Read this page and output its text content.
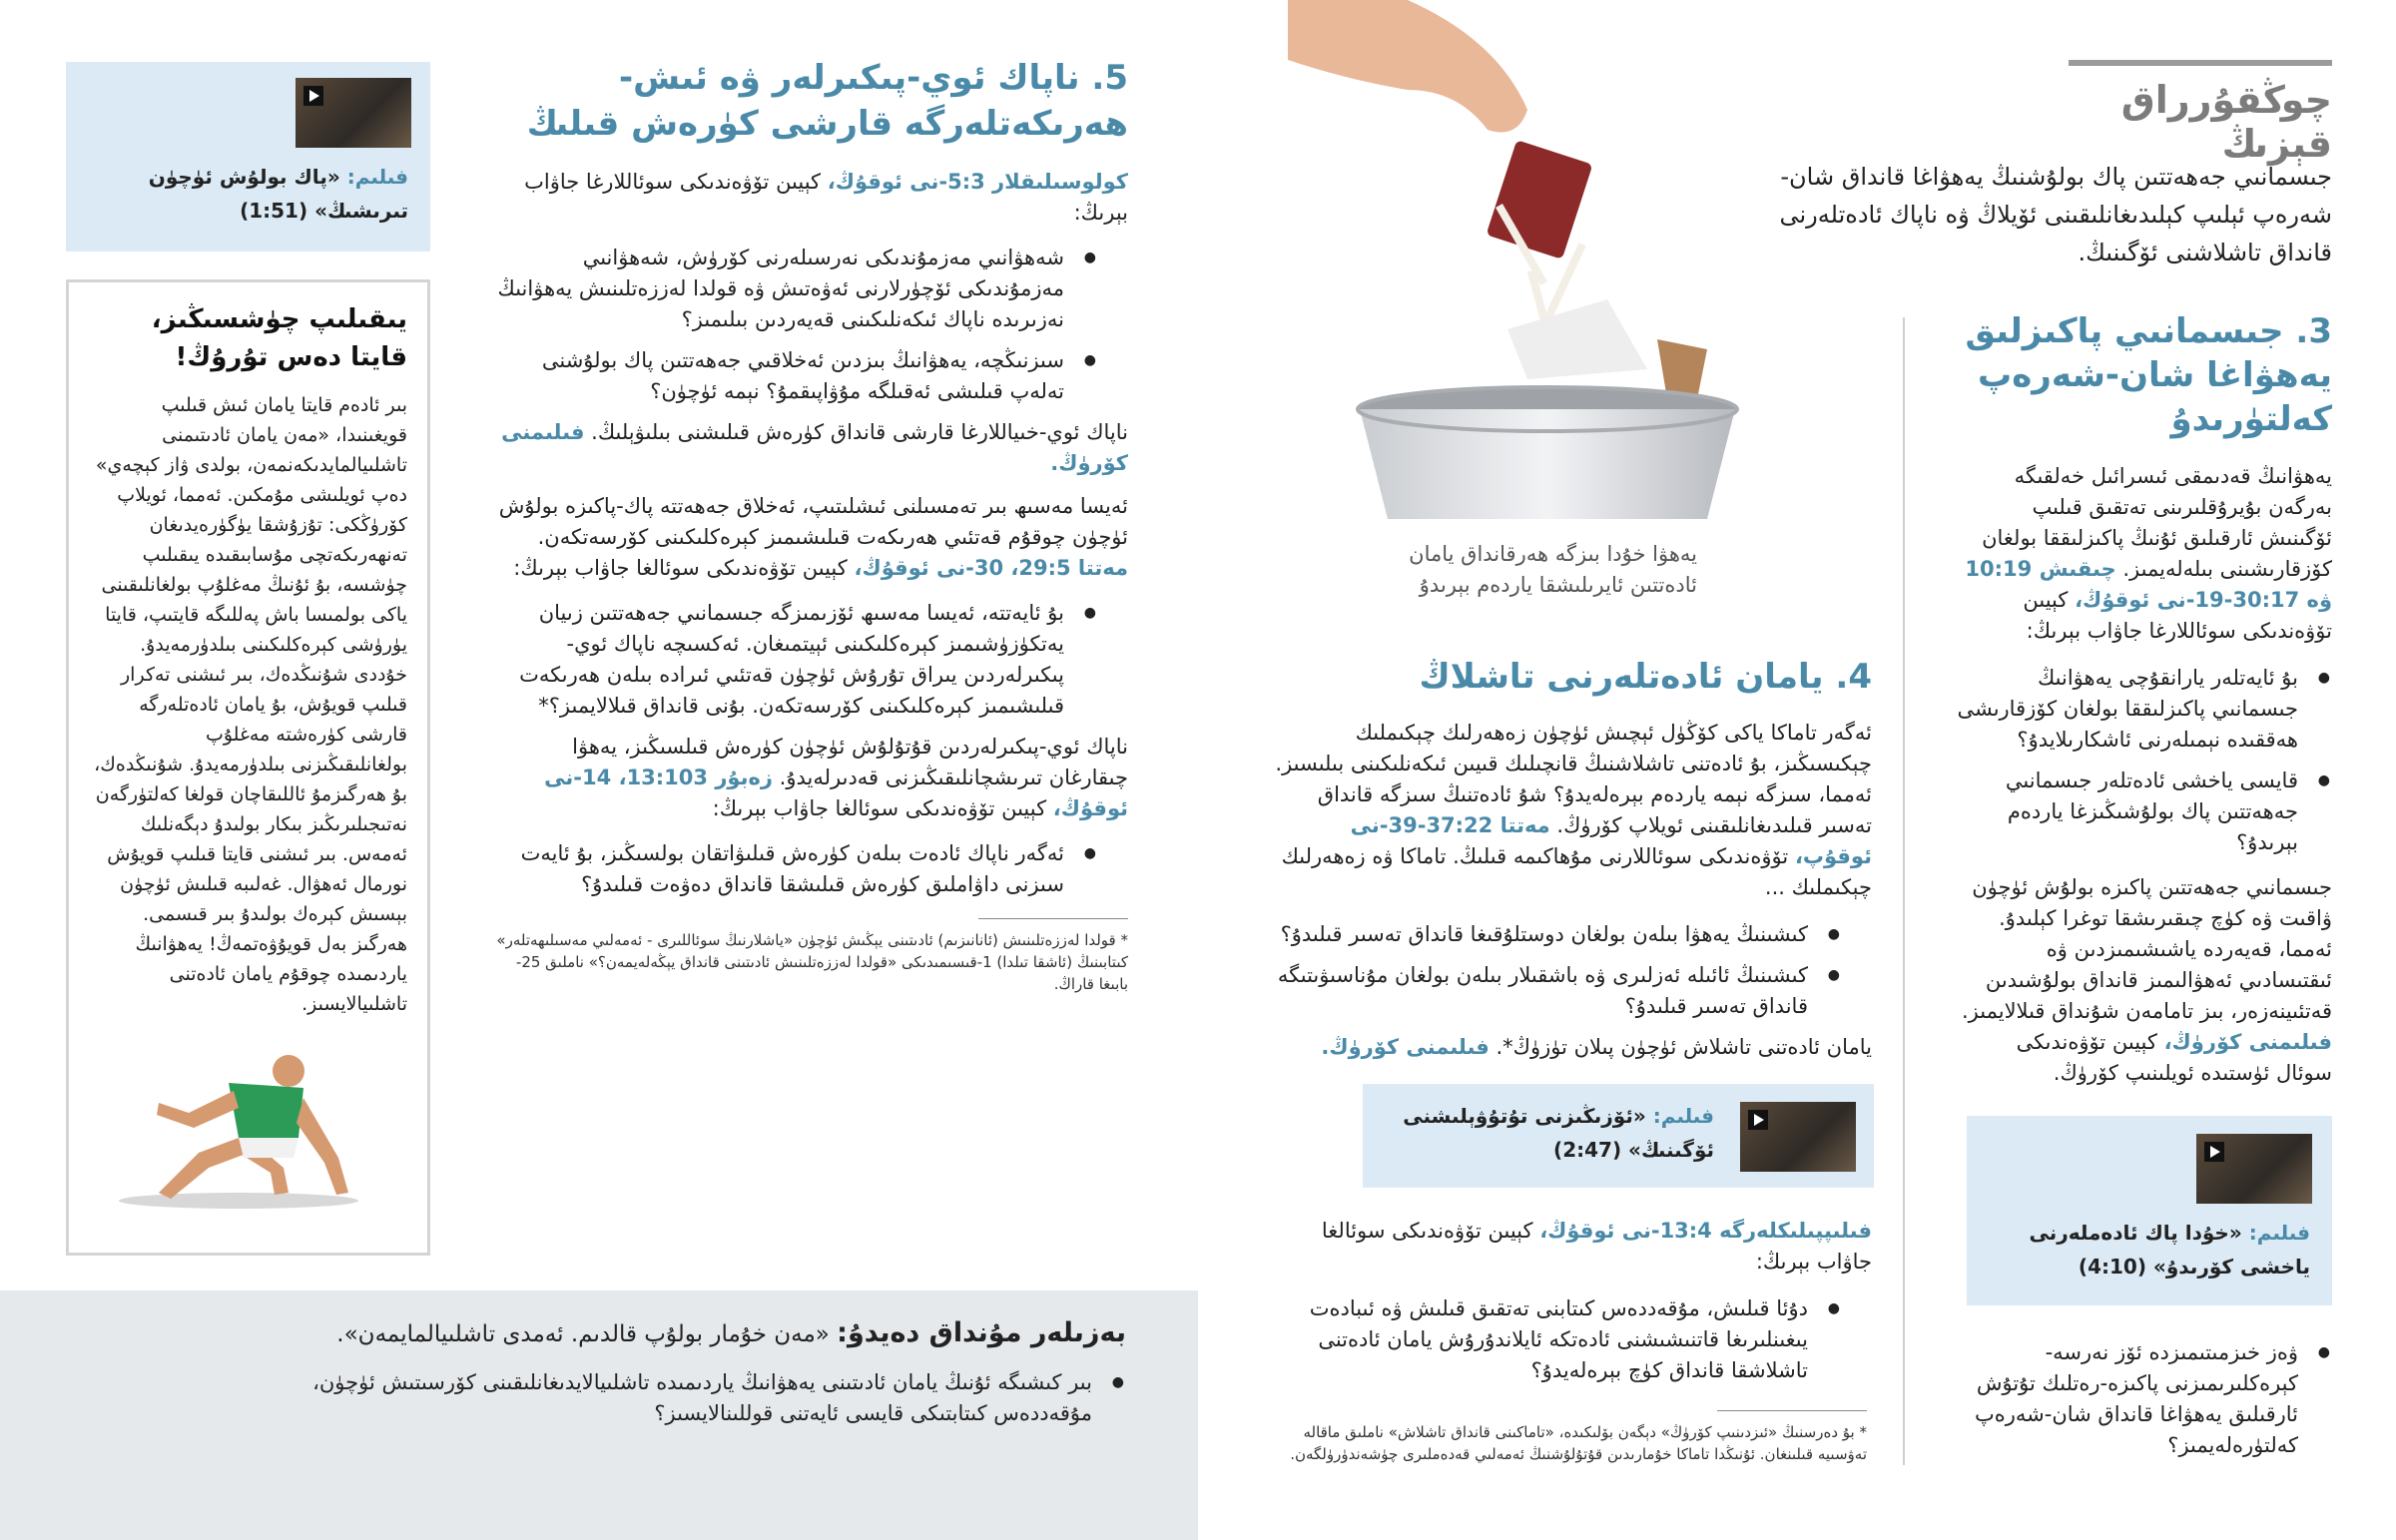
چوڭقۇرراق قېزىڭ

جىسمانىي جەھەتتىن پاك بولۇشنىڭ يەھۋاغا قانداق شان-شەرەپ ئېلىپ كېلىدىغانلىقىنى ئۆيلاڭ ۋە ناپاك ئادەتلەرنى قانداق تاشلاشنى ئۆگىنىڭ.

3. جىسمانىي پاكىزلىق يەھۋاغا شان-شەرەپ كەلتۈرىدۇ

يەھۋانىڭ قەدىمقى ئىسرائىل خەلقىگە بەرگەن بۇيرۇقلىرىنى تەتقىق قىلىپ ئۆگىنىش ئارقىلىق ئۇنىڭ پاكىزلىققا بولغان كۆزقارىشىنى بىلەلەيمىز. چىقىش 10:19 ۋە 30:17-19-نى ئوقۇڭ، كېيىن تۆۋەندىكى سوئاللارغا جاۋاب بېرىڭ:

● بۇ ئايەتلەر يارانقۇچى يەھۋانىڭ جىسمانىي پاكىزلىققا بولغان كۆزقارىشى ھەققىدە نېمىلەرنى ئاشكارىلايدۇ؟
● قايسى ياخشى ئادەتلەر جىسمانىي جەھەتتىن پاك بولۇشىڭىزغا ياردەم بېرىدۇ؟

جىسمانىي جەھەتتىن پاكىزە بولۇش ئۈچۈن ۋاقىت ۋە كۈچ چىقىرىشقا توغرا كېلىدۇ. ئەمما، قەيەردە ياشىشىمىزدىن ۋە ئىقتىسادىي ئەھۋالىمىز قانداق بولۇشىدىن قەتئىينەزەر، بىز تامامەن شۇنداق قىلالايمىز. فىلىمنى كۆرۈڭ، كېيىن تۆۋەندىكى سوئال ئۈستىدە ئويلىنىپ كۆرۈڭ.

فىلىم: «خۇدا پاك ئادەملەرنى ياخشى كۆرىدۇ» (4:10)
● ۋەز خىزمىتىمىزدە ئۆز نەرسە-كېرەكلىرىمىزنى پاكىزە-رەتلىك تۇتۇش ئارقىلىق يەھۋاغا قانداق شان-شەرەپ كەلتۈرەلەيمىز؟

يەھۋا خۇدا بىزگە ھەرقانداق يامان ئادەتتىن ئايرىلىشقا ياردەم بېرىدۇ

4. يامان ئادەتلەرنى تاشلاڭ

ئەگەر تاماكا ياكى كۆڭۈل ئېچىش ئۈچۈن زەھەرلىك چېكىملىك چېكىسىڭىز، بۇ ئادەتنى تاشلاشنىڭ قانچىلىك قىيىن ئىكەنلىكىنى بىلىسىز. ئەمما، سىزگە نېمە ياردەم بېرەلەيدۇ؟ شۇ ئادەتنىڭ سىزگە قانداق تەسىر قىلىدىغانلىقىنى ئويلاپ كۆرۈڭ. مەتتا 37:22-39-نى ئوقۇپ، تۆۋەندىكى سوئاللارنى مۇھاكىمە قىلىڭ. تاماكا ۋە زەھەرلىك چېكىملىك ...

● كىشىنىڭ يەھۋا بىلەن بولغان دوستلۇقىغا قانداق تەسىر قىلىدۇ؟
● كىشىنىڭ ئائىلە ئەزلىرى ۋە باشقىلار بىلەن بولغان مۇناسىۋىتىگە قانداق تەسىر قىلىدۇ؟

يامان ئادەتنى تاشلاش ئۈچۈن پىلان تۈزۈڭ*. فىلىمنى كۆرۈڭ.

فىلىم: «ئۆزىڭىزنى تۇتۇۋېلىشنى ئۆگىنىڭ» (2:47)

فىلىپپىلىكلەرگە 13:4-نى ئوقۇڭ، كېيىن تۆۋەندىكى سوئالغا جاۋاب بېرىڭ:

● دۇئا قىلىش، مۇقەددەس كىتابنى تەتقىق قىلىش ۋە ئىبادەت يىغىنلىرىغا قاتنىشىشنى ئادەتكە ئايلاندۇرۇش يامان ئادەتنى تاشلاشقا قانداق كۈچ بېرەلەيدۇ؟

* بۇ دەرسنىڭ «ئىزدىنىپ كۆرۈڭ» دېگەن بۆلىكىدە، «تاماكىنى قانداق تاشلاش» ناملىق ماقالە تەۋسىيە قىلىنغان. ئۇنىڭدا تاماكا خۇمارىدىن قۇتۇلۇشنىڭ ئەمەلىي قەدەملىرى چۈشەندۈرۈلگەن.

5. ناپاك ئوي-پىكىرلەر ۋە ئىش-ھەرىكەتلەرگە قارشى كۈرەش قىلىڭ

كولوسىلىقلار 5:3-نى ئوقۇڭ، كېيىن تۆۋەندىكى سوئاللارغا جاۋاب بېرىڭ:

● شەھۋانىي مەزمۇندىكى نەرسىلەرنى كۆرۈش، شەھۋانىي مەزمۇندىكى ئۆچۈرلارنى ئەۋەتىش ۋە قولدا لەززەتلىنىش يەھۋانىڭ نەزىرىدە ناپاك ئىكەنلىكىنى قەيەردىن بىلىمىز؟
● سىزنىڭچە، يەھۋانىڭ بىزدىن ئەخلاقىي جەھەتتىن پاك بولۇشنى تەلەپ قىلىشى ئەقىلگە مۇۋاپىقمۇ؟ نېمە ئۈچۈن؟

ناپاك ئوي-خىياللارغا قارشى قانداق كۈرەش قىلىشنى بىلىۋېلىڭ. فىلىمنى كۆرۈڭ.

ئەيسا مەسىھ بىر تەمسىلنى ئىشلىتىپ، ئەخلاق جەھەتتە پاك-پاكىزە بولۇش ئۈچۈن چوقۇم قەتئىي ھەرىكەت قىلىشىمىز كېرەكلىكىنى كۆرسەتكەن. مەتتا 29:5، 30-نى ئوقۇڭ، كېيىن تۆۋەندىكى سوئالغا جاۋاب بېرىڭ:

● بۇ ئايەتتە، ئەيسا مەسىھ ئۆزىمىزگە جىسمانىي جەھەتتىن زىيان يەتكۈزۈشىمىز كېرەكلىكىنى ئېيتمىغان. ئەكسىچە ناپاك ئوي-پىكىرلەردىن يىراق تۇرۇش ئۈچۈن قەتئىي ئىرادە بىلەن ھەرىكەت قىلىشىمىز كېرەكلىكىنى كۆرسەتكەن. بۇنى قانداق قىلالايمىز؟*

ناپاك ئوي-پىكىرلەردىن قۇتۇلۇش ئۈچۈن كۈرەش قىلسىڭىز، يەھۋا چىقارغان تىرىشچانلىقىڭىزنى قەدىرلەيدۇ. زەبۇر 13:103، 14-نى ئوقۇڭ، كېيىن تۆۋەندىكى سوئالغا جاۋاب بېرىڭ:

● ئەگەر ناپاك ئادەت بىلەن كۈرەش قىلىۋاتقان بولسىڭىز، بۇ ئايەت سىزنى داۋاملىق كۈرەش قىلىشقا قانداق دەۋەت قىلىدۇ؟

* قولدا لەززەتلىنىش (ئانانىزىم) ئادىتىنى يېڭىش ئۈچۈن «ياشلارنىڭ سوئاللىرى - ئەمەلىي مەسىلىھەتلەر» كىتابىنىڭ (ئاشقا تىلدا) 1-قىسىمىدىكى «قولدا لەززەتلىنىش ئادىتىنى قانداق يېڭەلەيمەن؟» ناملىق 25-بابىغا قاراڭ.

فىلىم: «پاك بولۇش ئۈچۈن تىرىشىڭ» (1:51)
يىقىلىپ چۈشسىڭىز، قايتا دەس تۇرۇڭ!

بىر ئادەم قايتا يامان ئىش قىلىپ قويغىنىدا، «مەن يامان ئادىتىمنى تاشلىيالمايدىكەنمەن، بولدى ۋاز كېچەي» دەپ ئويلىشى مۇمكىن. ئەمما، ئويلاپ كۆرۈڭكى: تۇزۇشقا يۈگۈرەيدىغان تەنھەرىكەتچى مۇسابىقىدە يىقىلىپ چۈشسە، بۇ ئۇنىڭ مەغلۇپ بولغانلىقىنى ياكى بولمىسا باش پەللىگە قايتىپ، قايتا يۈرۈشى كېرەكلىكىنى بىلدۈرمەيدۇ. خۇددى شۇنىڭدەك، بىر ئىشنى تەكرار قىلىپ قويۇش، بۇ يامان ئادەتلەرگە قارشى كۈرەشتە مەغلۇپ بولغانلىقىڭىزنى بىلدۈرمەيدۇ. شۇنىڭدەك، بۇ ھەرگىزمۇ ئاللىقاچان قولغا كەلتۈرگەن نەتىجىلىرىڭىز بىكار بولىدۇ دېگەنلىك ئەمەس. بىر ئىشنى قايتا قىلىپ قويۇش نورمال ئەھۋال. غەلىبە قىلىش ئۈچۈن بېسىش كېرەك بولىدۇ بىر قىسمى. ھەرگىز بەل قويۇۋەتمەڭ! يەھۋانىڭ ياردىمىدە چوقۇم يامان ئادەتنى تاشلىيالايسىز.

بەزىلەر مۇنداق دەيدۇ: «مەن خۇمار بولۇپ قالدىم. ئەمدى تاشلىيالمايمەن».
● بىر كىشىگە ئۇنىڭ يامان ئادىتىنى يەھۋانىڭ ياردىمىدە تاشلىيالايدىغانلىقىنى كۆرسىتىش ئۈچۈن، مۇقەددەس كىتابتىكى قايسى ئايەتنى قوللىنالايسىز؟
